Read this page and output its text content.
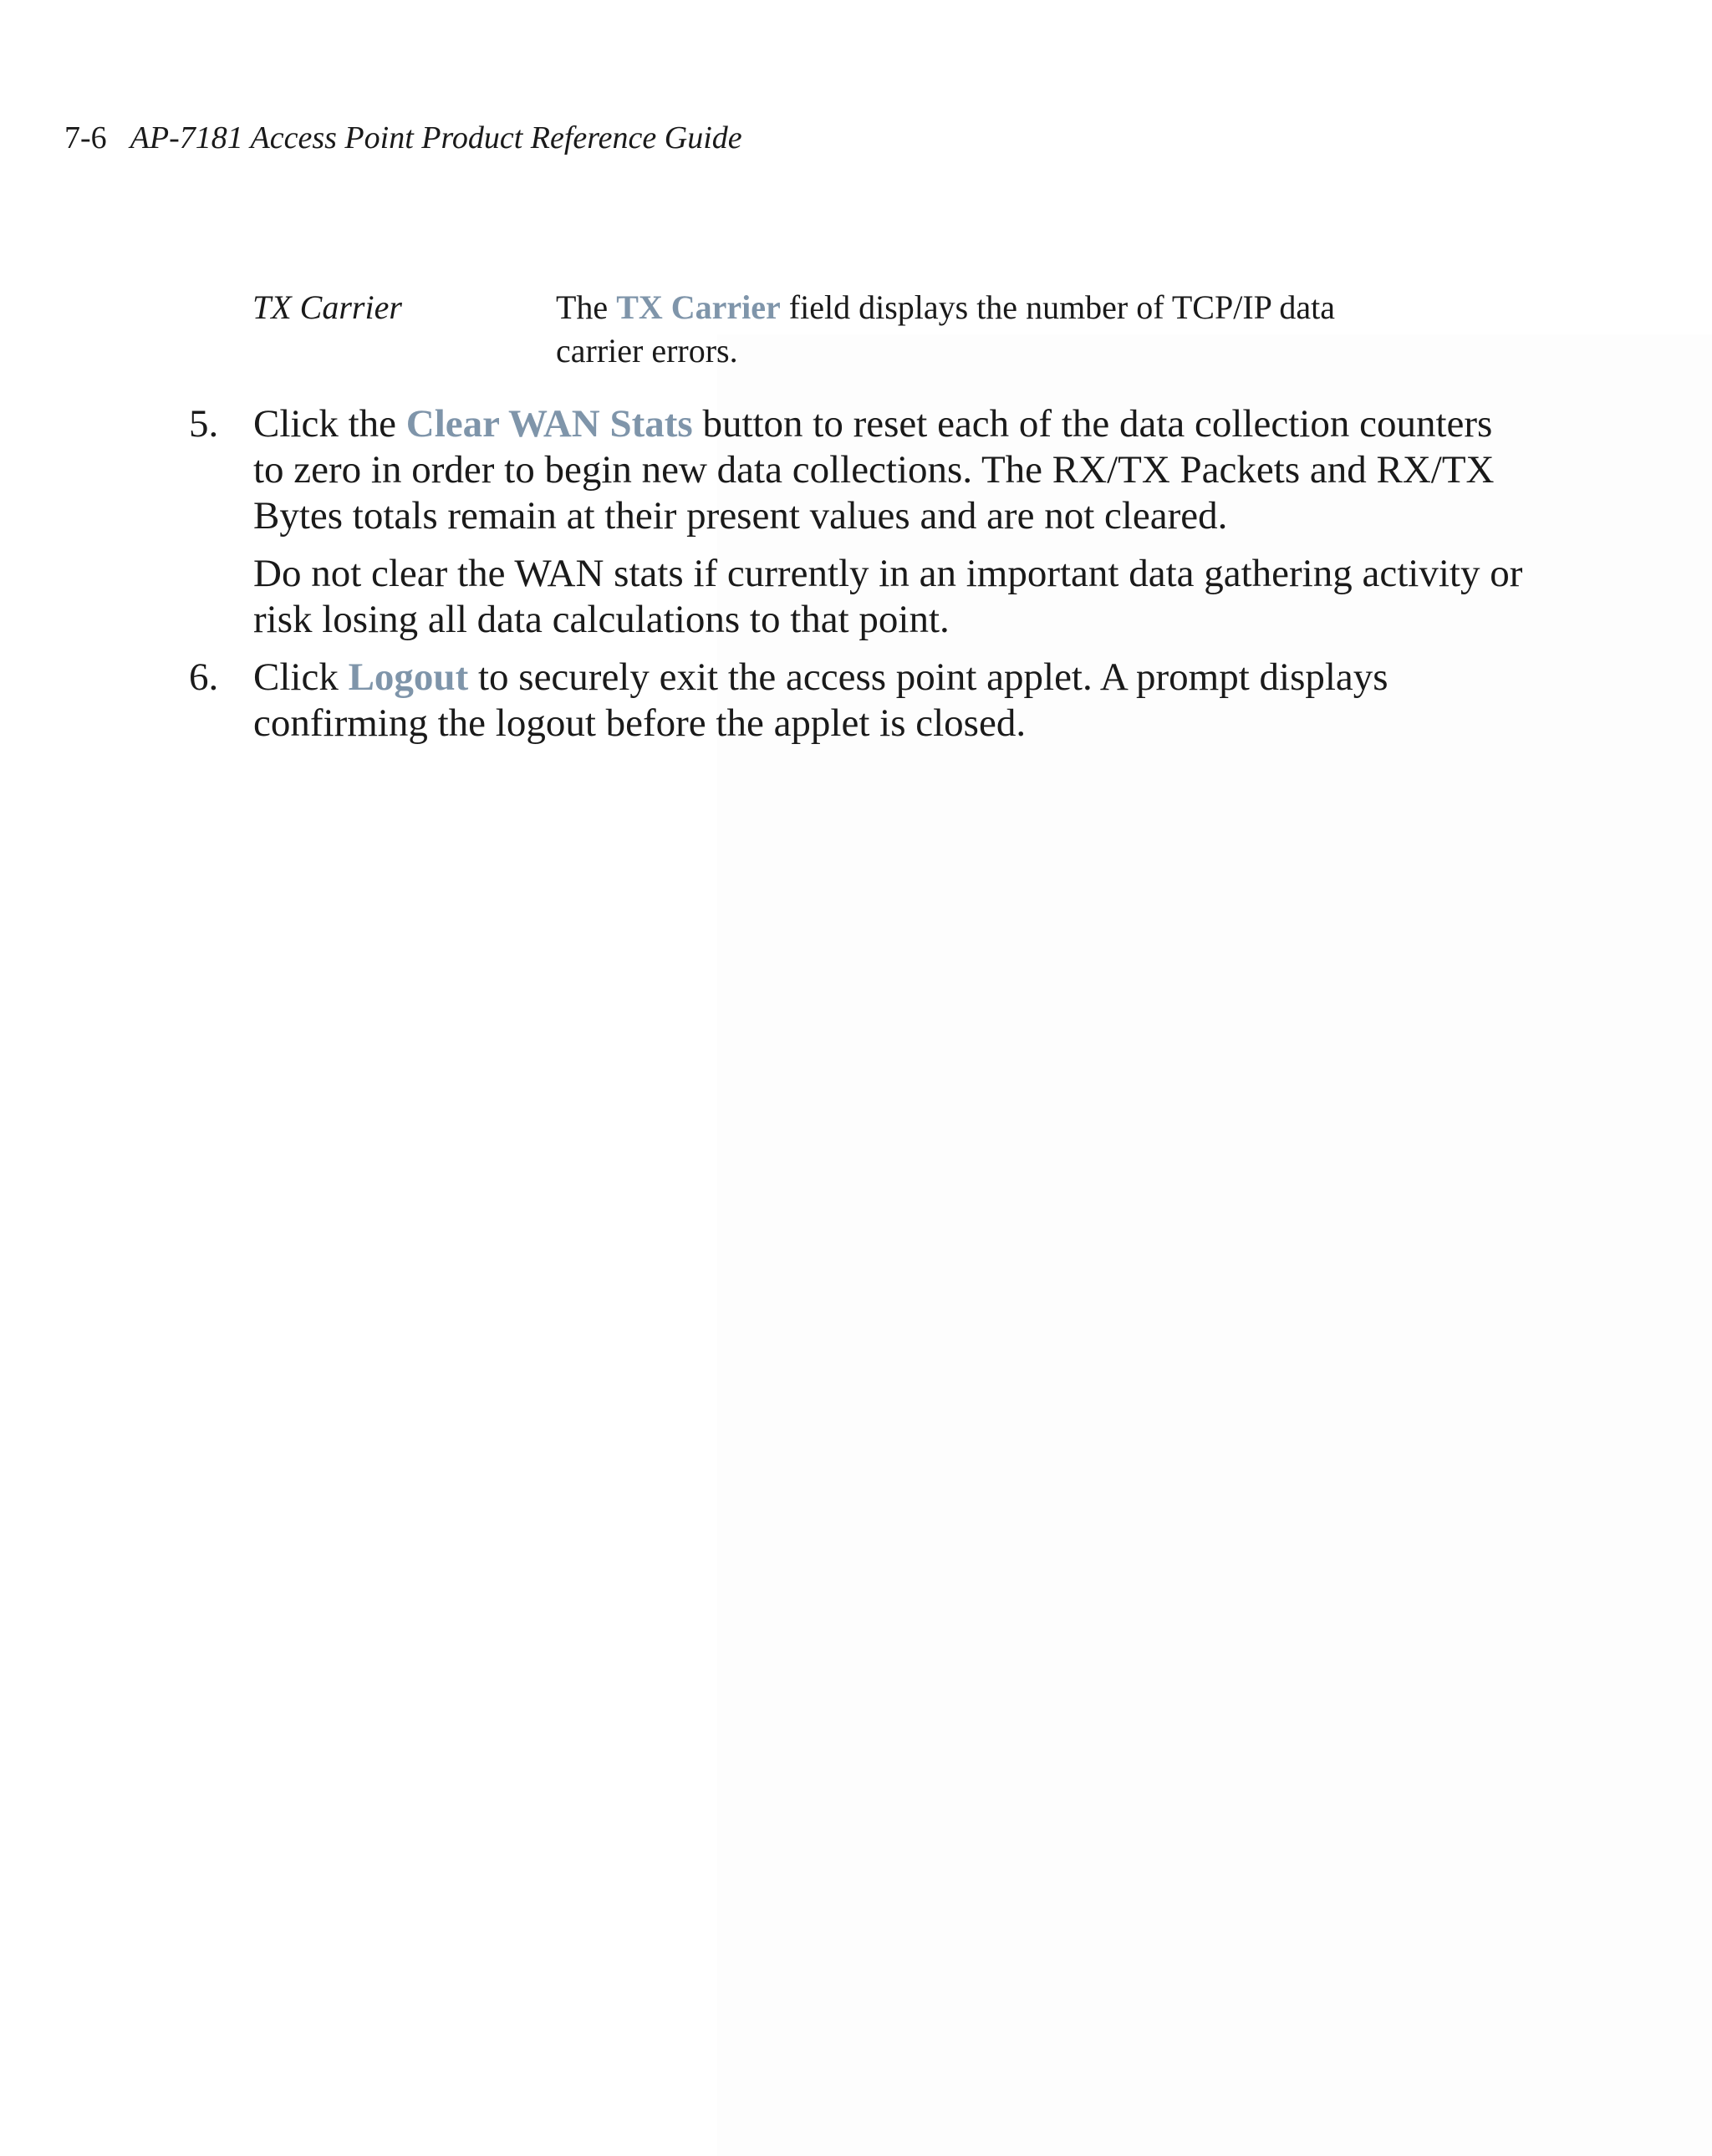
7-6 AP-7181 Access Point Product Reference Guide
TX Carrier	The TX Carrier field displays the number of TCP/IP data carrier errors.
5. Click the Clear WAN Stats button to reset each of the data collection counters to zero in order to begin new data collections. The RX/TX Packets and RX/TX Bytes totals remain at their present values and are not cleared.
Do not clear the WAN stats if currently in an important data gathering activity or risk losing all data calculations to that point.
6. Click Logout to securely exit the access point applet. A prompt displays confirming the logout before the applet is closed.
